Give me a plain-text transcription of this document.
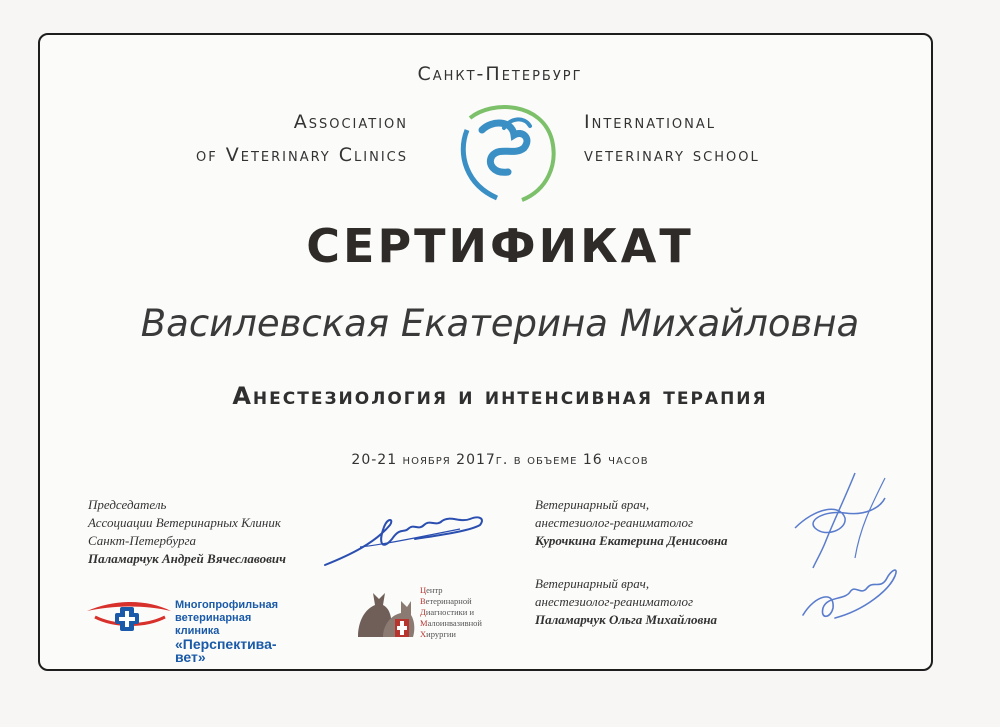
Санкт-Петербург
Association
of Veterinary Clinics
International
veterinary school
СЕРТИФИКАТ
Василевская Екатерина Михайловна
Анестезиология и интенсивная терапия
20-21 ноября 2017г. в объеме 16 часов
Председатель
Ассоциации Ветеринарных Клиник
Санкт-Петербурга
Паламарчук Андрей Вячеславович
Ветеринарный врач,
анестезиолог-реаниматолог
Курочкина Екатерина Денисовна
Ветеринарный врач,
анестезиолог-реаниматолог
Паламарчук Ольга Михайловна
Многопрофильная
ветеринарная клиника
«Перспектива-вет»
Центр
Ветеринарной
Диагностики и
Малоинвазивной
Хирургии
